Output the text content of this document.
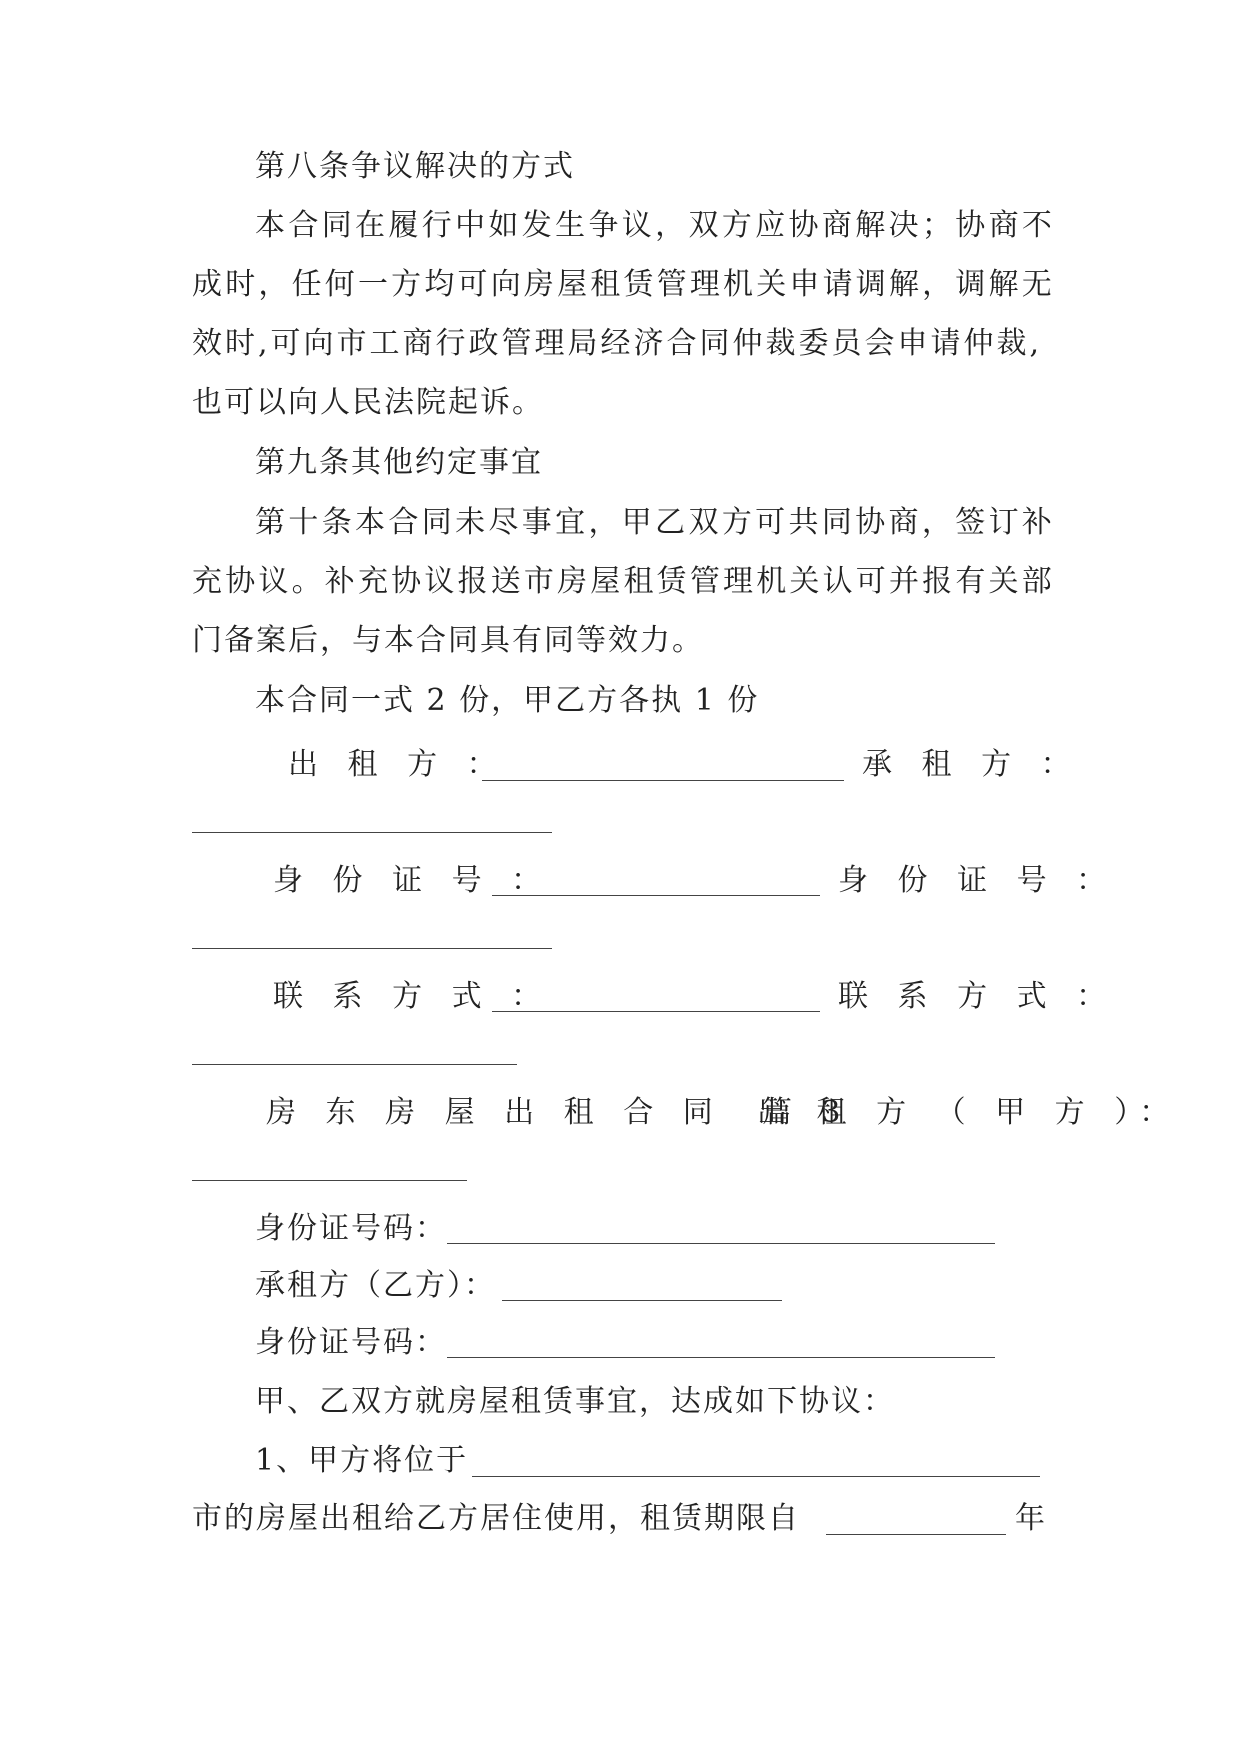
第八条争议解决的方式
本 合 同 在 履 行 中 如 发 生 争 议 ， 双 方 应 协 商 解 决 ； 协 商 不
成 时 ， 任 何 一 方 均 可 向 房 屋 租 赁 管 理 机 关 申 请 调 解 ， 调 解 无
效时,可向市工商行政管理局经济合同仲裁委员会申请仲裁,
也可以向人民法院起诉。
第九条其他约定事宜
第 十 条 本 合 同 未 尽 事 宜 ， 甲 乙 双 方 可 共 同 协 商 ， 签 订 补
充 协 议 。 补 充 协 议 报 送 市 房 屋 租 赁 管 理 机 关 认 可 并 报 有 关 部
门备案后，与本合同具有同等效力。
本合同一式 2 份，甲乙方各执 1 份
出 租 方 ：	承 租 方 ：
身 份 证 号 ：	身 份 证 号 ：
联 系 方 式 ：	联 系 方 式 ：
房 东 房 屋 出 租 合 同  篇 3
出 租 方 （ 甲 方 ）：
身份证号码：
承租方（乙方）：
身份证号码：
甲、乙双方就房屋租赁事宜，达成如下协议：
1、甲方将位于
市的房屋出租给乙方居住使用，租赁期限自	年
